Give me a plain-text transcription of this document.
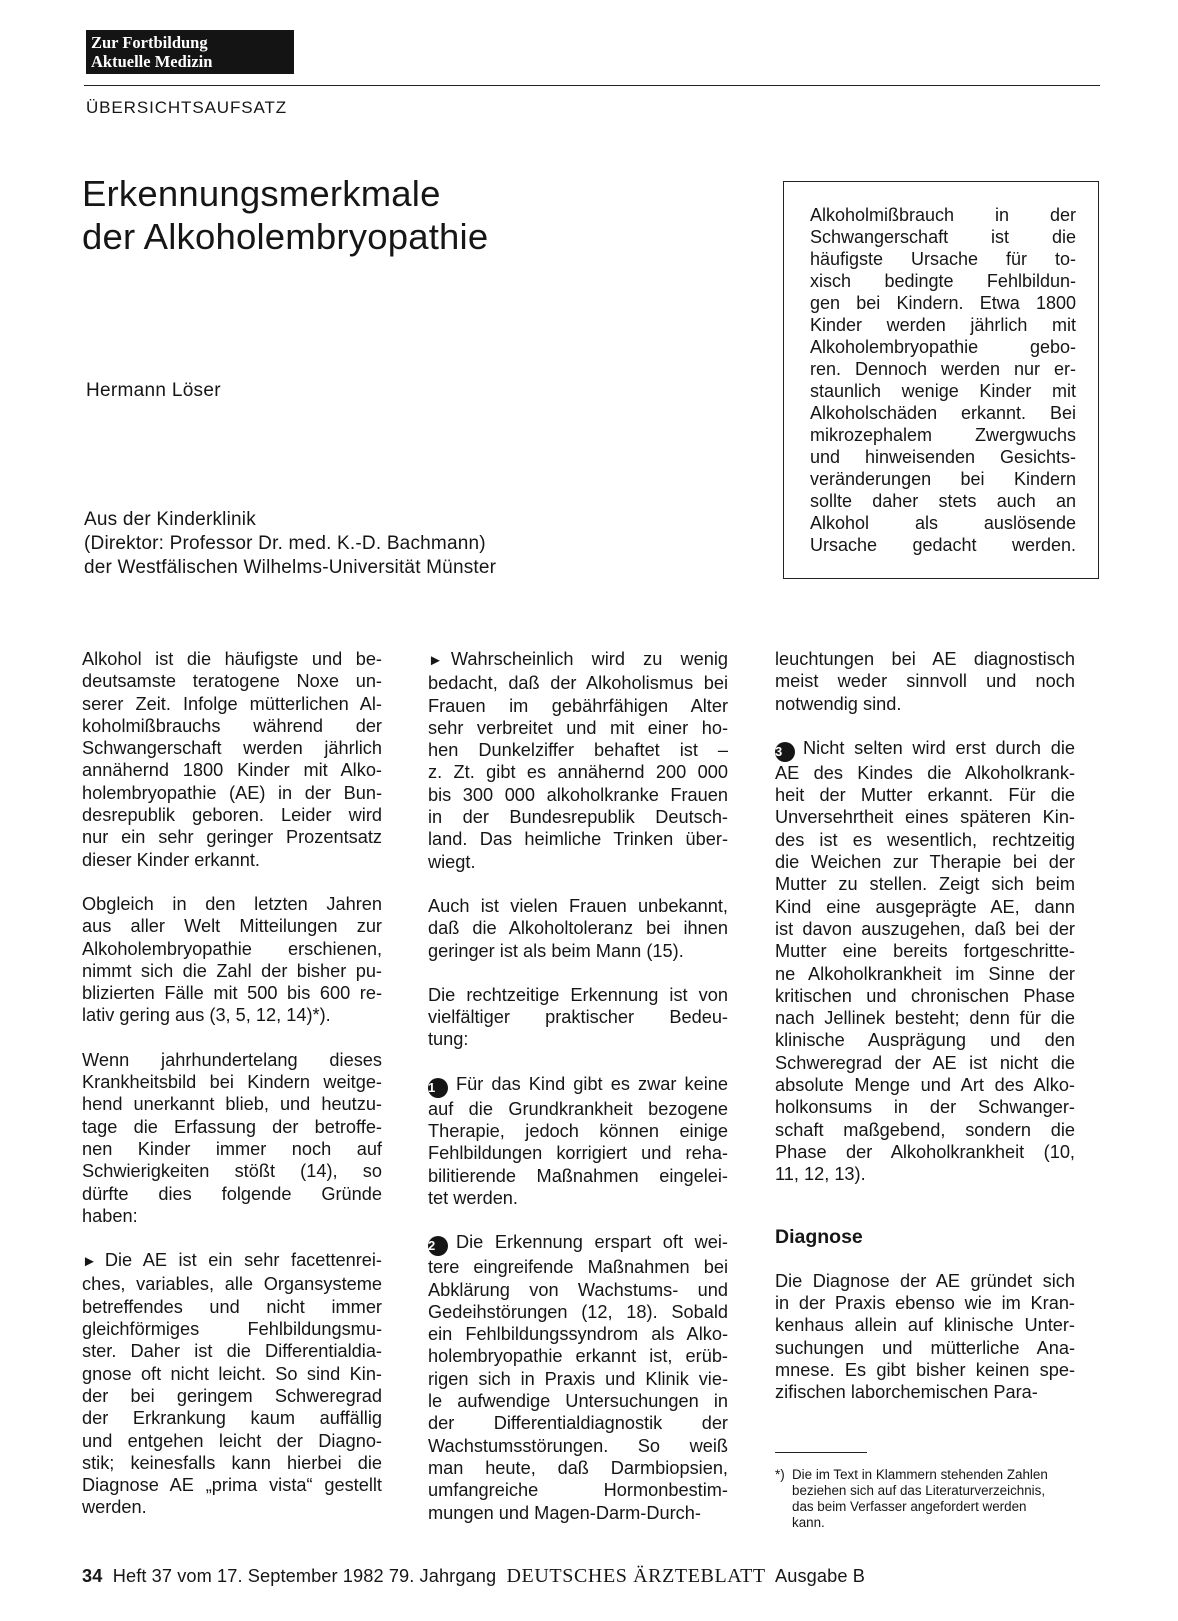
Zur Fortbildung
Aktuelle Medizin
ÜBERSICHTSAUFSATZ
Erkennungsmerkmale
der Alkoholembryopathie
Hermann Löser
Aus der Kinderklinik
(Direktor: Professor Dr. med. K.-D. Bachmann)
der Westfälischen Wilhelms-Universität Münster
Alkoholmißbrauch in der
Schwangerschaft ist die
häufigste Ursache für to-
xisch bedingte Fehlbildun-
gen bei Kindern. Etwa 1800
Kinder werden jährlich mit
Alkoholembryopathie gebo-
ren. Dennoch werden nur er-
staunlich wenige Kinder mit
Alkoholschäden erkannt. Bei
mikrozephalem Zwergwuchs
und hinweisenden Gesichts-
veränderungen bei Kindern
sollte daher stets auch an
Alkohol als auslösende
Ursache gedacht werden.
Alkohol ist die häufigste und be-
deutsamste teratogene Noxe un-
serer Zeit. Infolge mütterlichen Al-
koholmißbrauchs während der
Schwangerschaft werden jährlich
annähernd 1800 Kinder mit Alko-
holembryopathie (AE) in der Bun-
desrepublik geboren. Leider wird
nur ein sehr geringer Prozentsatz
dieser Kinder erkannt.
Obgleich in den letzten Jahren
aus aller Welt Mitteilungen zur
Alkoholembryopathie erschienen,
nimmt sich die Zahl der bisher pu-
blizierten Fälle mit 500 bis 600 re-
lativ gering aus (3, 5, 12, 14)*).
Wenn jahrhundertelang dieses
Krankheitsbild bei Kindern weitge-
hend unerkannt blieb, und heutzu-
tage die Erfassung der betroffe-
nen Kinder immer noch auf
Schwierigkeiten stößt (14), so
dürfte dies folgende Gründe
haben:
► Die AE ist ein sehr facettenrei-
ches, variables, alle Organsysteme
betreffendes und nicht immer
gleichförmiges Fehlbildungsmu-
ster. Daher ist die Differentialdia-
gnose oft nicht leicht. So sind Kin-
der bei geringem Schweregrad
der Erkrankung kaum auffällig
und entgehen leicht der Diagno-
stik; keinesfalls kann hierbei die
Diagnose AE „prima vista“ gestellt
werden.
► Wahrscheinlich wird zu wenig
bedacht, daß der Alkoholismus bei
Frauen im gebährfähigen Alter
sehr verbreitet und mit einer ho-
hen Dunkelziffer behaftet ist –
z. Zt. gibt es annähernd 200 000
bis 300 000 alkoholkranke Frauen
in der Bundesrepublik Deutsch-
land. Das heimliche Trinken über-
wiegt.
Auch ist vielen Frauen unbekannt,
daß die Alkoholtoleranz bei ihnen
geringer ist als beim Mann (15).
Die rechtzeitige Erkennung ist von
vielfältiger praktischer Bedeu-
tung:
1 Für das Kind gibt es zwar keine
auf die Grundkrankheit bezogene
Therapie, jedoch können einige
Fehlbildungen korrigiert und reha-
bilitierende Maßnahmen eingelei-
tet werden.
2 Die Erkennung erspart oft wei-
tere eingreifende Maßnahmen bei
Abklärung von Wachstums- und
Gedeihstörungen (12, 18). Sobald
ein Fehlbildungssyndrom als Alko-
holembryopathie erkannt ist, erüb-
rigen sich in Praxis und Klinik vie-
le aufwendige Untersuchungen in
der Differentialdiagnostik der
Wachstumsstörungen. So weiß
man heute, daß Darmbiopsien,
umfangreiche Hormonbestim-
mungen und Magen-Darm-Durch-
leuchtungen bei AE diagnostisch
meist weder sinnvoll und noch
notwendig sind.
3 Nicht selten wird erst durch die
AE des Kindes die Alkoholkrank-
heit der Mutter erkannt. Für die
Unversehrtheit eines späteren Kin-
des ist es wesentlich, rechtzeitig
die Weichen zur Therapie bei der
Mutter zu stellen. Zeigt sich beim
Kind eine ausgeprägte AE, dann
ist davon auszugehen, daß bei der
Mutter eine bereits fortgeschritte-
ne Alkoholkrankheit im Sinne der
kritischen und chronischen Phase
nach Jellinek besteht; denn für die
klinische Ausprägung und den
Schweregrad der AE ist nicht die
absolute Menge und Art des Alko-
holkonsums in der Schwanger-
schaft maßgebend, sondern die
Phase der Alkoholkrankheit (10,
11, 12, 13).
Diagnose
Die Diagnose der AE gründet sich
in der Praxis ebenso wie im Kran-
kenhaus allein auf klinische Unter-
suchungen und mütterliche Ana-
mnese. Es gibt bisher keinen spe-
zifischen laborchemischen Para-
*) Die im Text in Klammern stehenden Zahlen
beziehen sich auf das Literaturverzeichnis,
das beim Verfasser angefordert werden
kann.
34 Heft 37 vom 17. September 1982 79. Jahrgang DEUTSCHES ÄRZTEBLATT Ausgabe B
